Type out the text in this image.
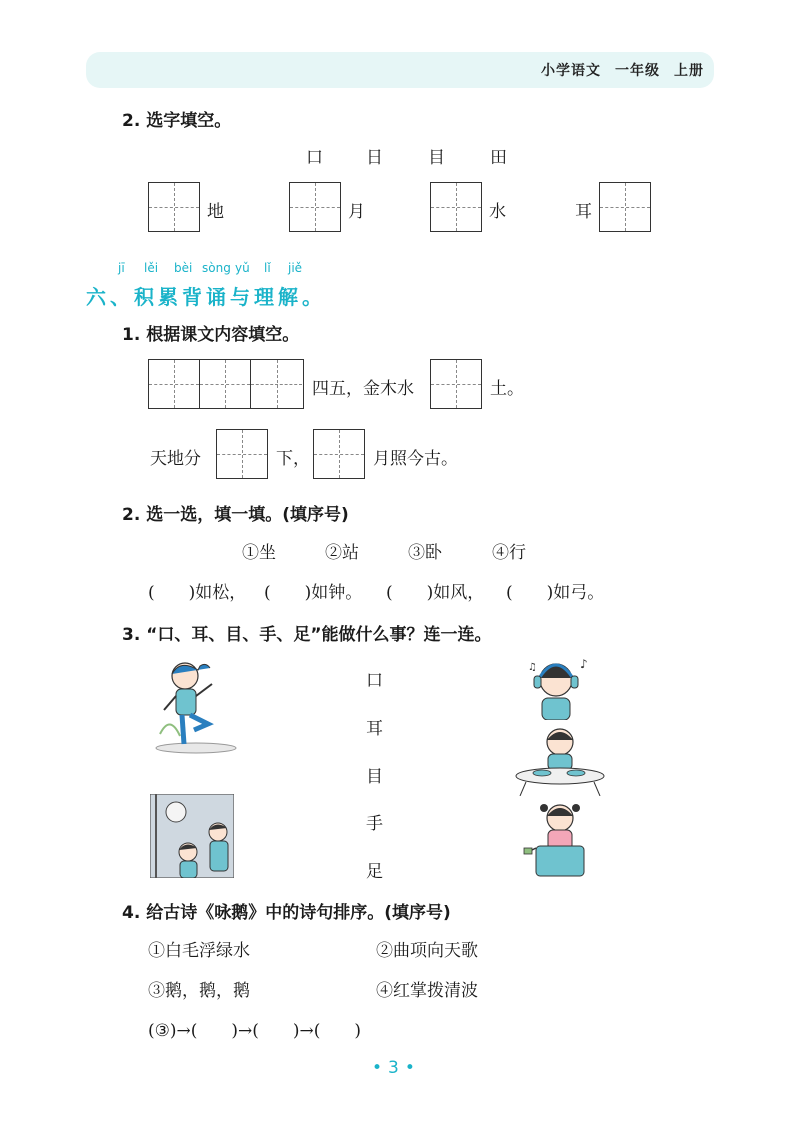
小学语文 一年级 上册
2. 选字填空。
口	日	目	田
地	月	水	耳
jī lěi bèi sòng yǔ lǐ jiě
六、积累背诵与理解。
1. 根据课文内容填空。
四五，金木水	土。
天地分	下，	月照今古。
2. 选一选，填一填。(填序号)
①坐	②站	③卧	④行
(　　)如松， (　　)如钟。 (　　)如风， (　　)如弓。
3. “口、耳、目、手、足”能做什么事？连一连。
口
耳
目
手
足
♪
♫
4. 给古诗《咏鹅》中的诗句排序。(填序号)
①白毛浮绿水	②曲项向天歌
③鹅，鹅，鹅	④红掌拨清波
(③)→(　　)→(　　)→(　　)
•3•
